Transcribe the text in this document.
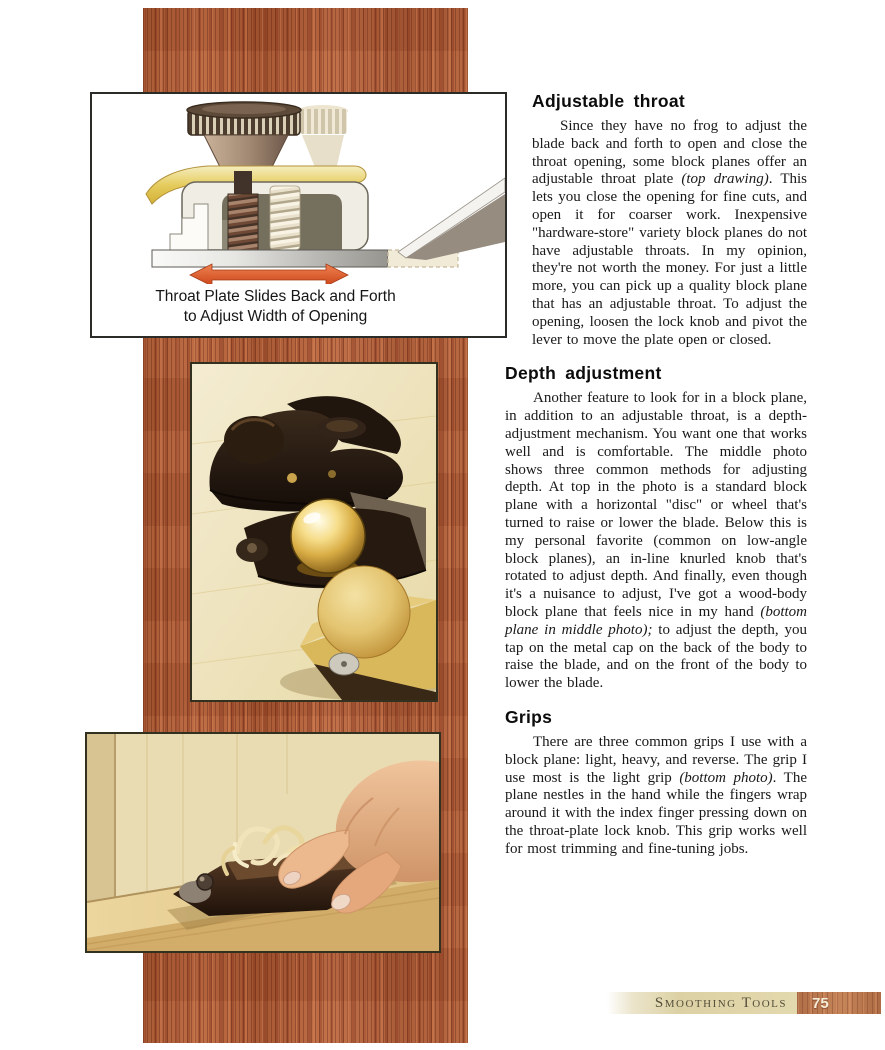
Throat Plate Slides Back and Forth
to Adjust Width of Opening
Adjustable throat

Since they have no frog to adjust the blade back and forth to open and close the throat opening, some block planes offer an adjustable throat plate (top drawing). This lets you close the opening for fine cuts, and open it for coarser work. Inexpensive "hardware-store" variety block planes do not have adjustable throats. In my opinion, they're not worth the money. For just a little more, you can pick up a quality block plane that has an adjustable throat. To adjust the opening, loosen the lock knob and pivot the lever to move the plate open or closed.

Depth adjustment

Another feature to look for in a block plane, in addition to an adjustable throat, is a depth-adjustment mechanism. You want one that works well and is comfortable. The middle photo shows three common methods for adjusting depth. At top in the photo is a standard block plane with a horizontal "disc" or wheel that's turned to raise or lower the blade. Below this is my personal favorite (common on low-angle block planes), an in-line knurled knob that's rotated to adjust depth. And finally, even though it's a nuisance to adjust, I've got a wood-body block plane that feels nice in my hand (bottom plane in middle photo); to adjust the depth, you tap on the metal cap on the back of the body to raise the blade, and on the front of the body to lower the blade.

Grips

There are three common grips I use with a block plane: light, heavy, and reverse. The grip I use most is the light grip (bottom photo). The plane nestles in the hand while the fingers wrap around it with the index finger pressing down on the throat-plate lock knob. This grip works well for most trimming and fine-tuning jobs.

Smoothing Tools	75
